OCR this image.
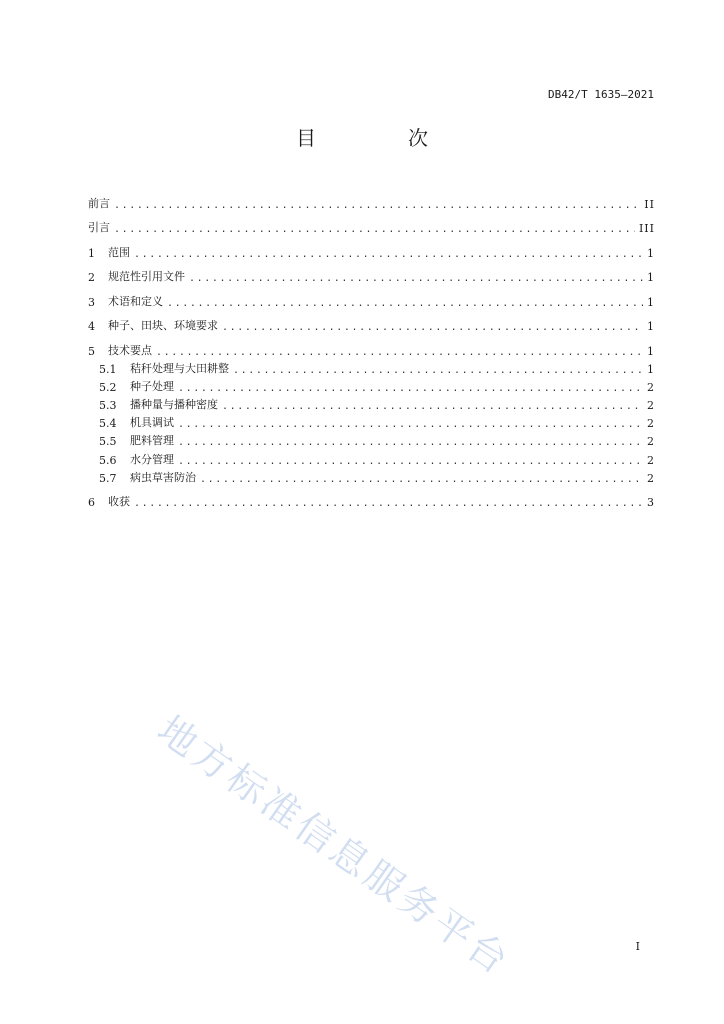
DB42/T 1635—2021
目　次
前言 .....	II
引言 .....	III
1	范围 .....	1
2	规范性引用文件 .....	1
3	术语和定义 .....	1
4	种子、田块、环境要求 .....	1
5	技术要点 .....	1
5.1	秸秆处理与大田耕整 .....	1
5.2	种子处理 .....	2
5.3	播种量与播种密度 .....	2
5.4	机具调试 .....	2
5.5	肥料管理 .....	2
5.6	水分管理 .....	2
5.7	病虫草害防治 .....	2
6	收获 .....	3
地方标准信息服务平台	I
